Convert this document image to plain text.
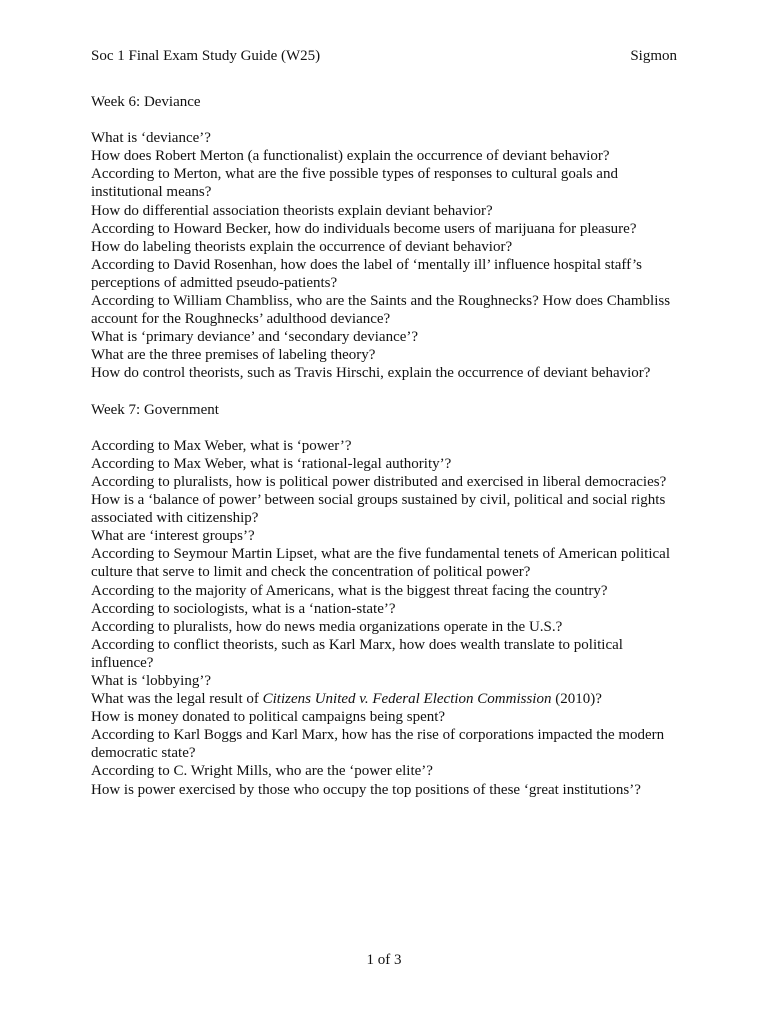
Soc 1 Final Exam Study Guide (W25)	Sigmon

Week 6: Deviance

What is ‘deviance’?

How does Robert Merton (a functionalist) explain the occurrence of deviant behavior?

According to Merton, what are the five possible types of responses to cultural goals and institutional means?

How do differential association theorists explain deviant behavior?

According to Howard Becker, how do individuals become users of marijuana for pleasure?

How do labeling theorists explain the occurrence of deviant behavior?

According to David Rosenhan, how does the label of ‘mentally ill’ influence hospital staff’s perceptions of admitted pseudo-patients?

According to William Chambliss, who are the Saints and the Roughnecks? How does Chambliss account for the Roughnecks’ adulthood deviance?

What is ‘primary deviance’ and ‘secondary deviance’?

What are the three premises of labeling theory?

How do control theorists, such as Travis Hirschi, explain the occurrence of deviant behavior?

Week 7: Government

According to Max Weber, what is ‘power’?

According to Max Weber, what is ‘rational-legal authority’?

According to pluralists, how is political power distributed and exercised in liberal democracies?

How is a ‘balance of power’ between social groups sustained by civil, political and social rights associated with citizenship?

What are ‘interest groups’?

According to Seymour Martin Lipset, what are the five fundamental tenets of American political culture that serve to limit and check the concentration of political power?

According to the majority of Americans, what is the biggest threat facing the country?

According to sociologists, what is a ‘nation-state’?

According to pluralists, how do news media organizations operate in the U.S.?

According to conflict theorists, such as Karl Marx, how does wealth translate to political influence?

What is ‘lobbying’?

What was the legal result of Citizens United v. Federal Election Commission (2010)?

How is money donated to political campaigns being spent?

According to Karl Boggs and Karl Marx, how has the rise of corporations impacted the modern democratic state?

According to C. Wright Mills, who are the ‘power elite’?

How is power exercised by those who occupy the top positions of these ‘great institutions’?

1 of 3
